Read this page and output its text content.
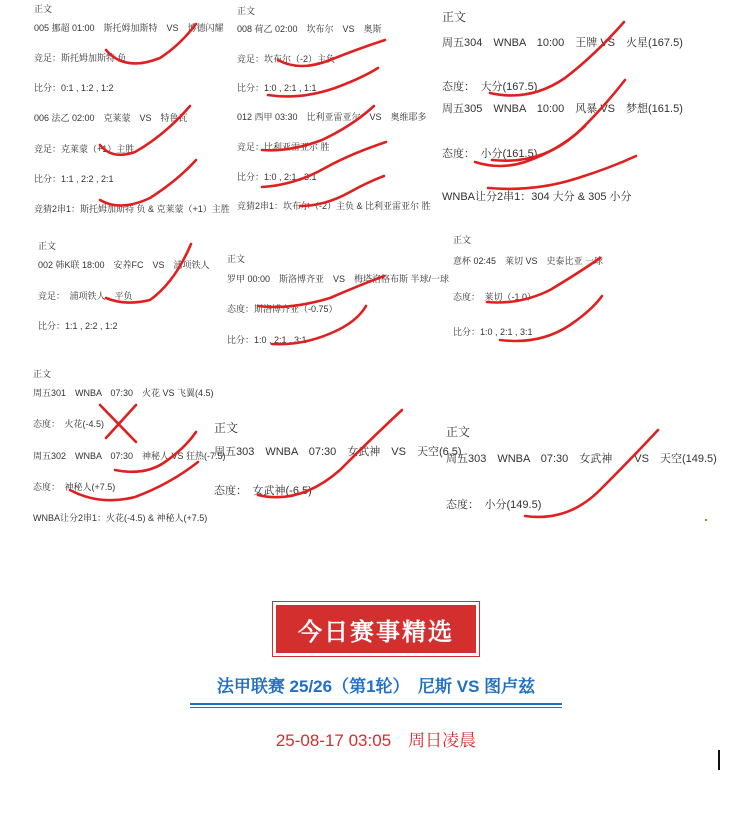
正文
005 挪超 01:00　斯托姆加斯特　VS　博德闪耀
竞足：斯托姆加斯特 负
比分：0:1 , 1:2 , 1:2
006 法乙 02:00　克莱蒙　VS　特鲁瓦
竞足：克莱蒙（+1）主胜
比分：1:1 , 2:2 , 2:1
竞猜2串1：斯托姆加斯特 负 & 克莱蒙（+1）主胜
正文
008 荷乙 02:00　坎布尔　VS　奥斯
竞足：坎布尔（-2）主负
比分：1:0 , 2:1 , 1:1
012 西甲 03:30　比利亚雷亚尔　VS　奥维耶多
竞足：比利亚雷亚尔 胜
比分：1:0 , 2:1 , 3:1
竞猜2串1：坎布尔（-2）主负 & 比利亚雷亚尔 胜
正文
周五304　WNBA　10:00　王牌 VS　火星(167.5)
态度：　大分(167.5)
周五305　WNBA　10:00　风暴 VS　梦想(161.5)
态度：　小分(161.5)
WNBA让分2串1：304 大分 & 305 小分
正文
002 韩K联 18:00　安养FC　VS　浦项铁人
竞足：　浦项铁人　平负
比分：1:1 , 2:2 , 1:2
正文
罗甲 00:00　斯洛博齐亚　VS　梅塔洛格布斯 半球/一球
态度：斯洛博齐亚（-0.75）
比分：1:0 , 2:1 , 3:1
正文
意杯 02:45　莱切 VS　史泰比亚 一球
态度：　莱切（-1.0）
比分：1:0 , 2:1 , 3:1
正文
周五301　WNBA　07:30　火花 VS 飞翼(4.5)
态度：　火花(-4.5)
周五302　WNBA　07:30　神秘人 VS 狂热(-7.5)
态度：　神秘人(+7.5)
WNBA让分2串1：火花(-4.5) & 神秘人(+7.5)
正文
周五303　WNBA　07:30　女武神　VS　天空(6.5)
态度：　女武神(-6.5)
正文
周五303　WNBA　07:30　女武神　　VS　天空(149.5)
态度：　小分(149.5)
今日赛事精选
法甲联赛 25/26（第1轮）　尼斯 VS 图卢兹
25-08-17 03:05　周日凌晨
